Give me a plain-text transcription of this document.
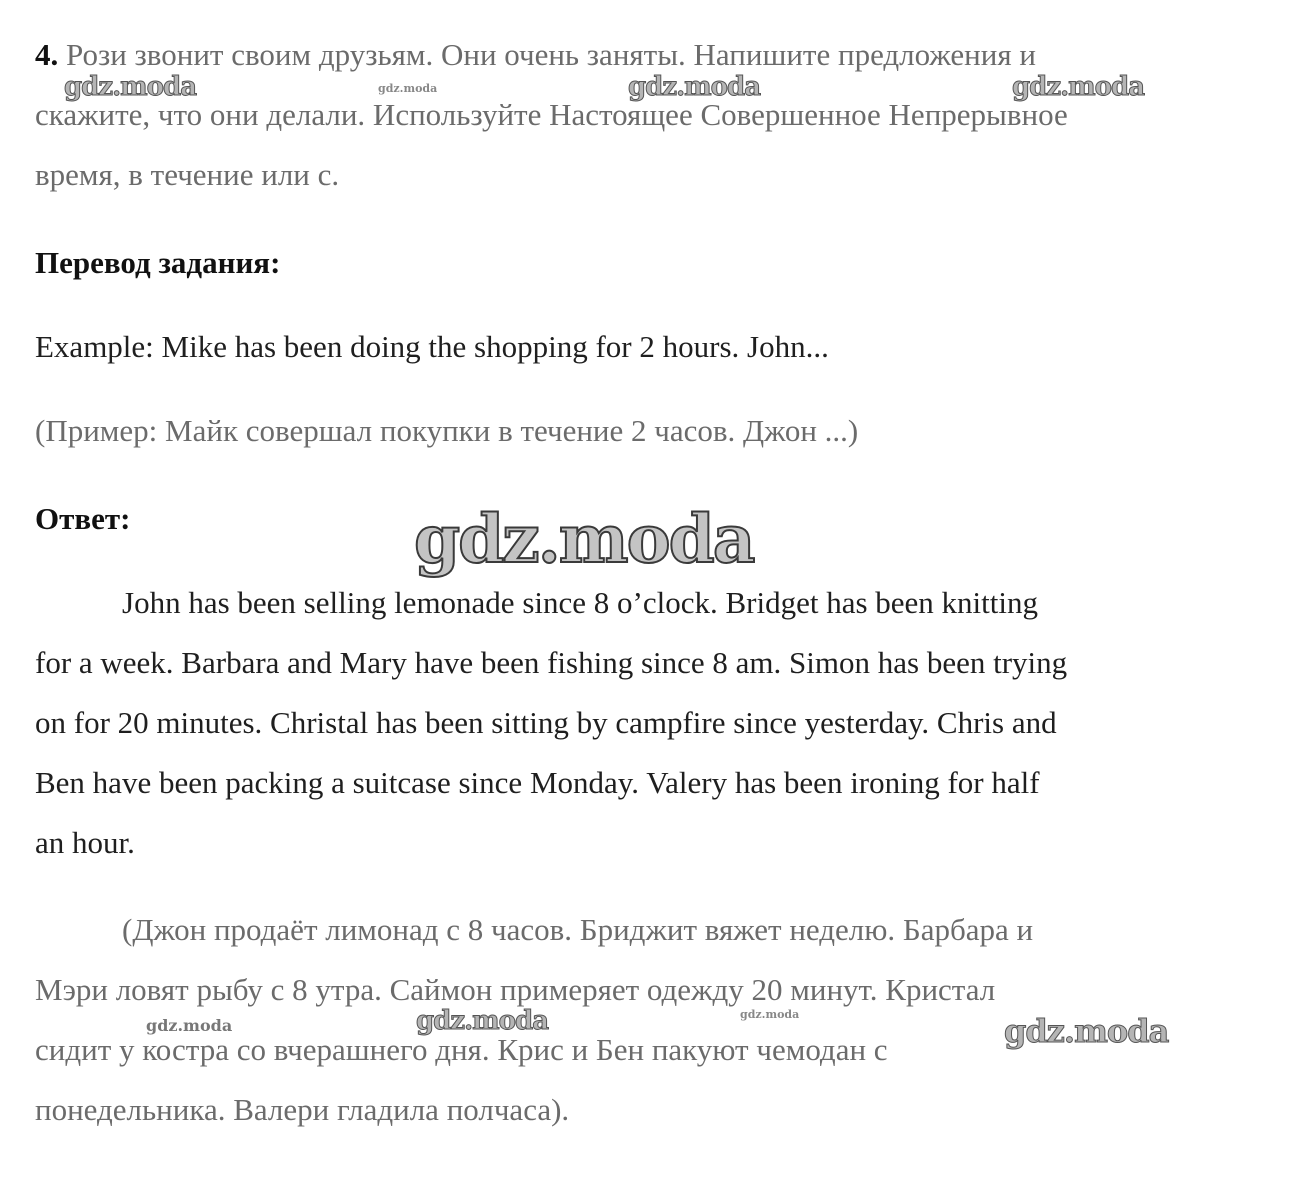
4. Рози звонит своим друзьям. Они очень заняты. Напишите предложения и
скажите, что они делали. Используйте Настоящее Совершенное Непрерывное
время, в течение или с.
Перевод задания:
Example: Mike has been doing the shopping for 2 hours. John...
(Пример: Майк совершал покупки в течение 2 часов. Джон ...)
Ответ:
John has been selling lemonade since 8 o’clock. Bridget has been knitting
for a week. Barbara and Mary have been fishing since 8 am. Simon has been trying
on for 20 minutes. Christal has been sitting by campfire since yesterday. Chris and
Ben have been packing a suitcase since Monday. Valery has been ironing for half
an hour.
(Джон продаёт лимонад с 8 часов. Бриджит вяжет неделю. Барбара и
Мэри ловят рыбу с 8 утра. Саймон примеряет одежду 20 минут. Кристал
сидит у костра со вчерашнего дня. Крис и Бен пакуют чемодан с
понедельника. Валери гладила полчаса).
gdz.moda	gdz.moda	gdz.moda	gdz.moda
gdz.moda
gdz.moda	gdz.moda	gdz.moda	gdz.moda
